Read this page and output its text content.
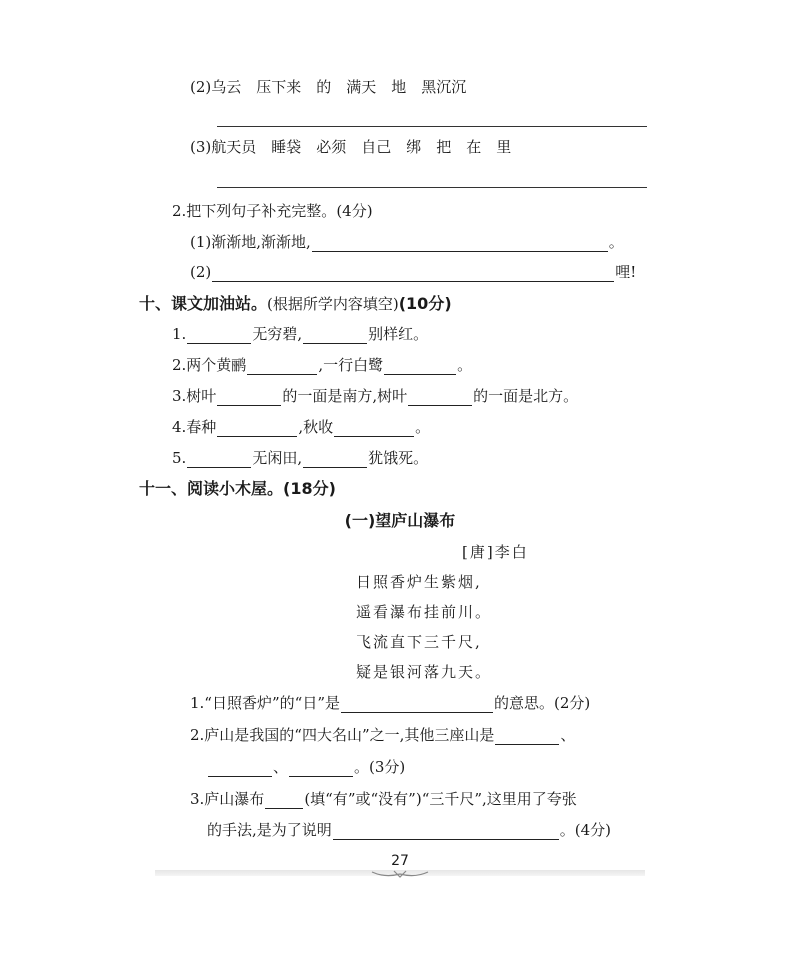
(2)乌云　压下来　的　满天　地　黑沉沉
(3)航天员　睡袋　必须　自己　绑　把　在　里
2.把下列句子补充完整。(4分)
(1)渐渐地,渐渐地,	。
(2)	哩!
十、课文加油站。(根据所学内容填空)(10分)
1.	无穷碧,	别样红。
2.两个黄鹂	,一行白鹭	。
3.树叶	的一面是南方,树叶	的一面是北方。
4.春种	,秋收	。
5.	无闲田,	犹饿死。
十一、阅读小木屋。(18分)
(一)望庐山瀑布
[唐]李白
日照香炉生紫烟,
遥看瀑布挂前川。
飞流直下三千尺,
疑是银河落九天。
1.“日照香炉”的“日”是	的意思。(2分)
2.庐山是我国的“四大名山”之一,其他三座山是	、
、	。(3分)
3.庐山瀑布	(填“有”或“没有”)“三千尺”,这里用了夸张
的手法,是为了说明	。(4分)
27
